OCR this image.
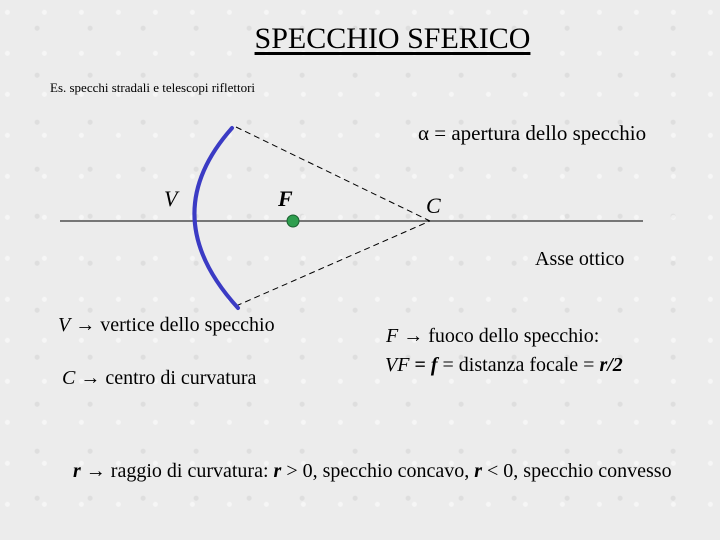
SPECCHIO SFERICO
Es. specchi stradali e telescopi riflettori
α = apertura dello specchio
V	F	C
Asse ottico
V → vertice dello specchio
C → centro di curvatura
F → fuoco dello specchio:
VF = f = distanza focale = r/2
r → raggio di curvatura: r > 0, specchio concavo, r < 0, specchio convesso
